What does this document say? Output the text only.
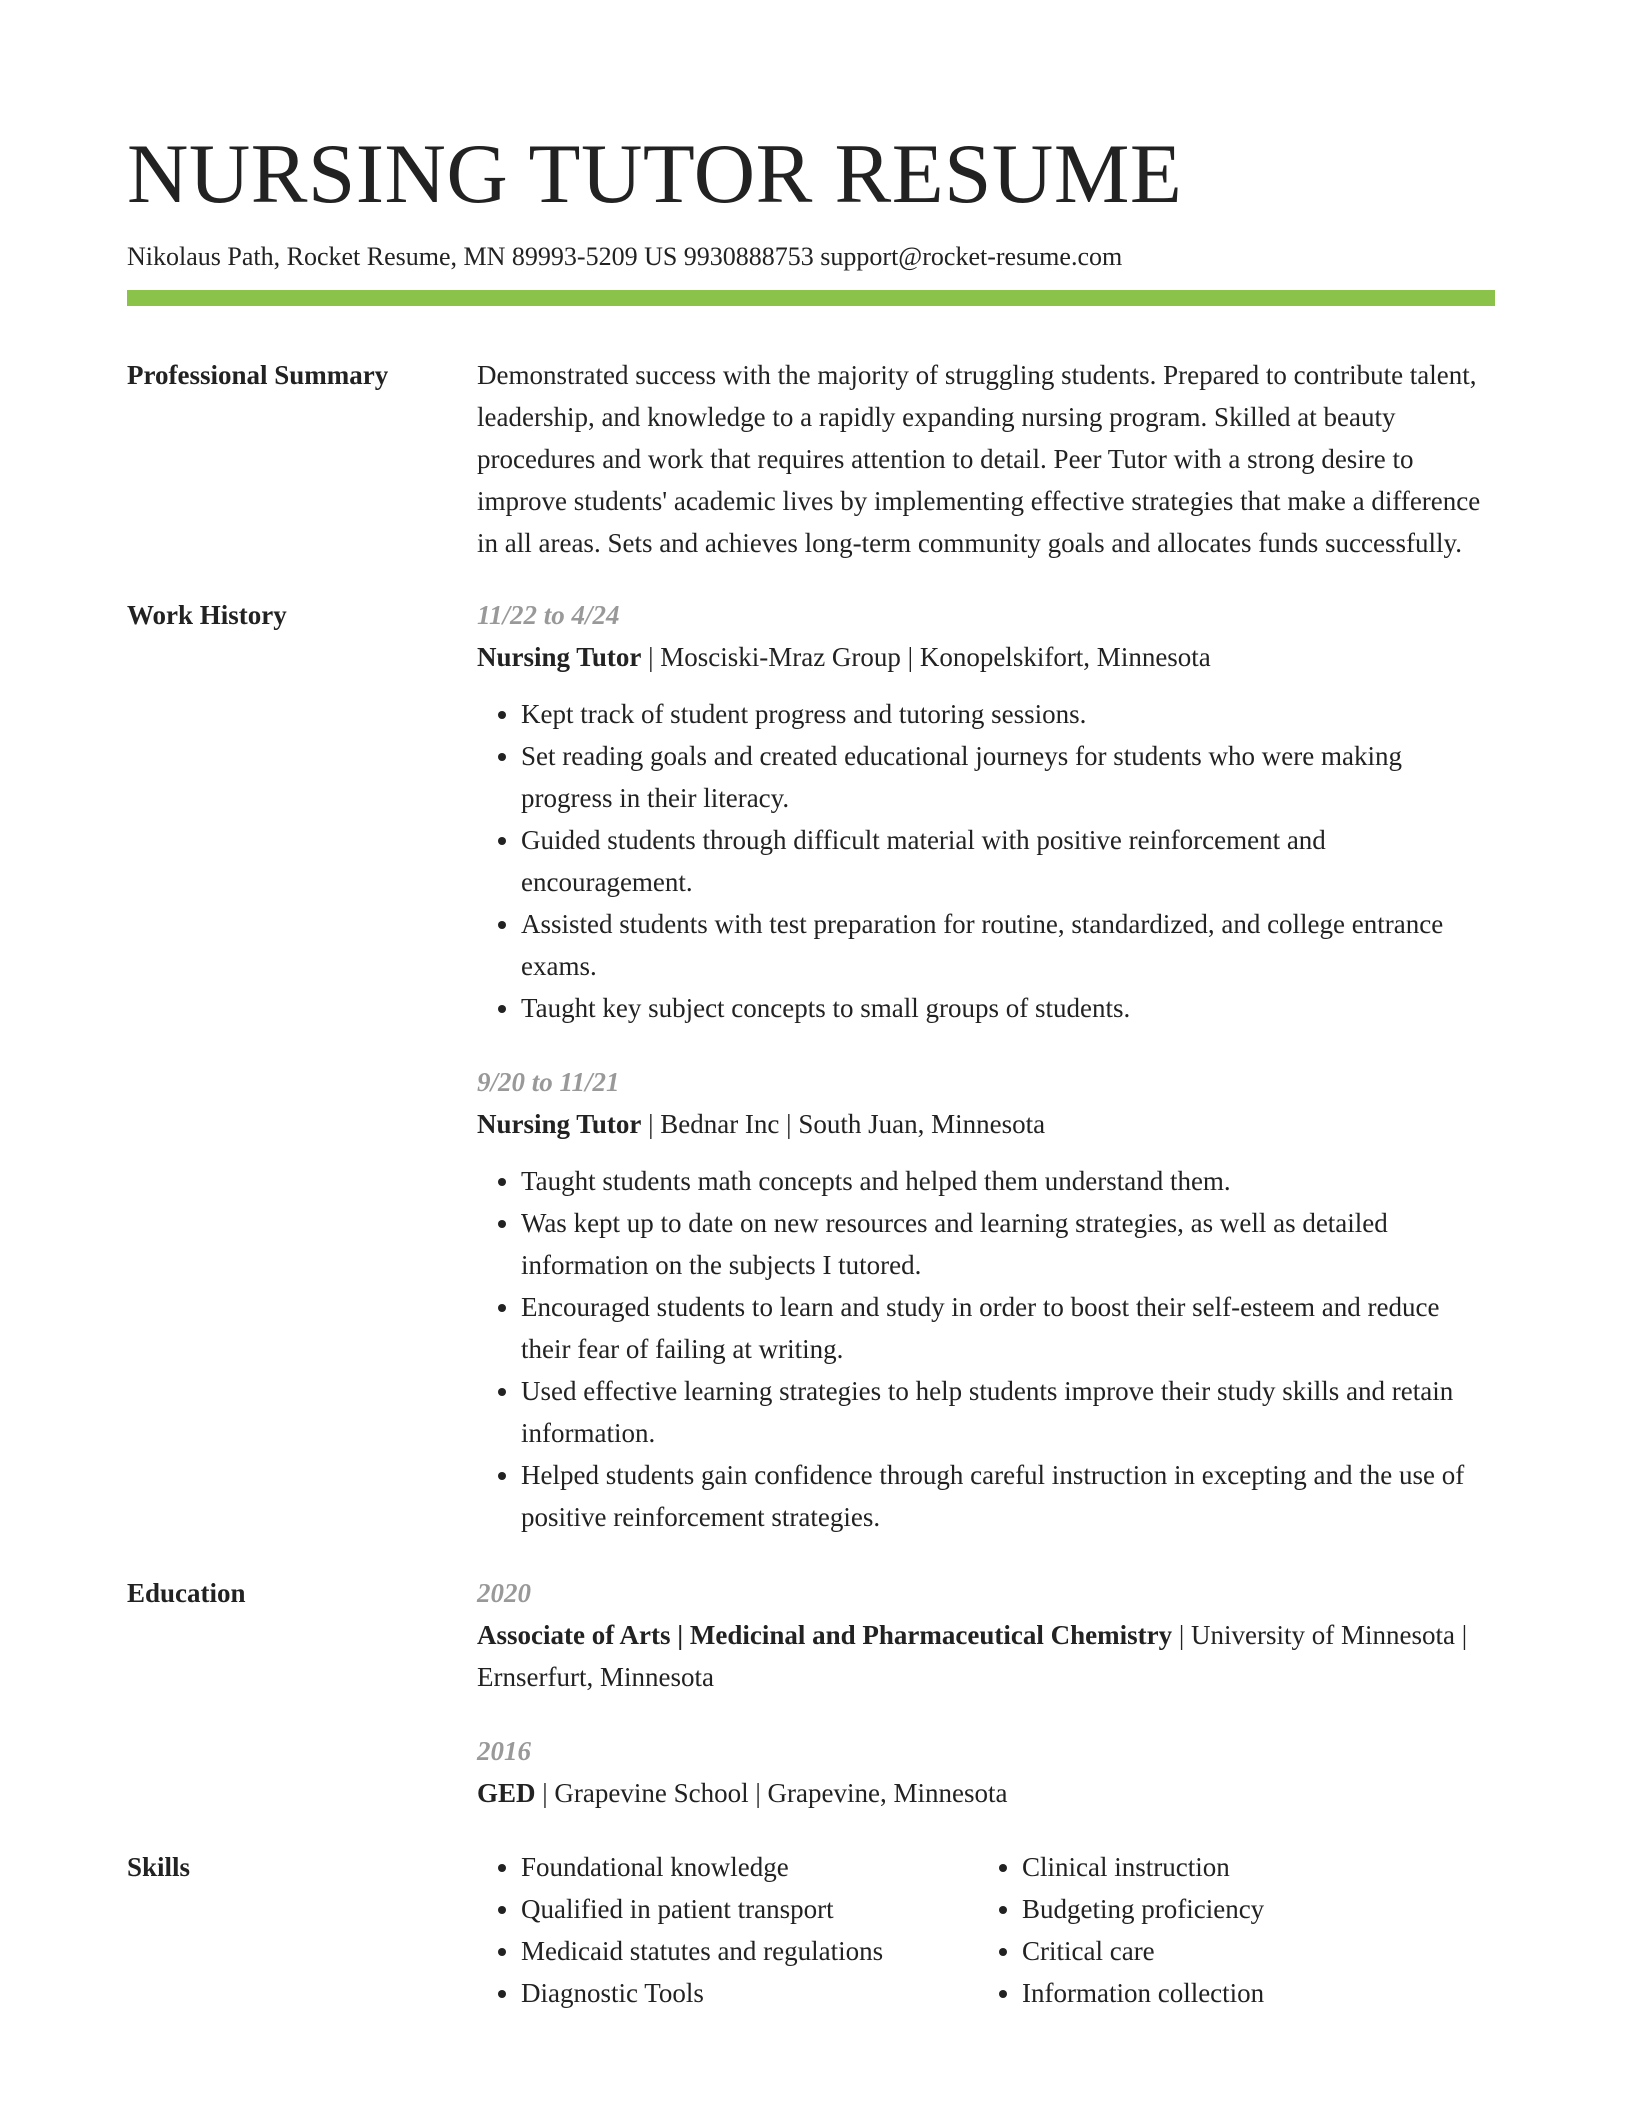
NURSING TUTOR RESUME
Nikolaus Path, Rocket Resume, MN 89993-5209 US 9930888753 support@rocket-resume.com
Professional Summary	Demonstrated success with the majority of struggling students. Prepared to contribute talent, leadership, and knowledge to a rapidly expanding nursing program. Skilled at beauty procedures and work that requires attention to detail. Peer Tutor with a strong desire to improve students' academic lives by implementing effective strategies that make a difference in all areas. Sets and achieves long-term community goals and allocates funds successfully.
Work History	11/22 to 4/24
Nursing Tutor | Mosciski-Mraz Group | Konopelskifort, Minnesota
• Kept track of student progress and tutoring sessions.
• Set reading goals and created educational journeys for students who were making progress in their literacy.
• Guided students through difficult material with positive reinforcement and encouragement.
• Assisted students with test preparation for routine, standardized, and college entrance exams.
• Taught key subject concepts to small groups of students.
9/20 to 11/21
Nursing Tutor | Bednar Inc | South Juan, Minnesota
• Taught students math concepts and helped them understand them.
• Was kept up to date on new resources and learning strategies, as well as detailed information on the subjects I tutored.
• Encouraged students to learn and study in order to boost their self-esteem and reduce their fear of failing at writing.
• Used effective learning strategies to help students improve their study skills and retain information.
• Helped students gain confidence through careful instruction in excepting and the use of positive reinforcement strategies.
Education	2020
Associate of Arts | Medicinal and Pharmaceutical Chemistry | University of Minnesota | Ernserfurt, Minnesota
2016
GED | Grapevine School | Grapevine, Minnesota
Skills
•	Foundational knowledge
• Qualified in patient transport
• Medicaid statutes and regulations
• Diagnostic Tools
• Clinical instruction
• Budgeting proficiency
• Critical care
• Information collection
